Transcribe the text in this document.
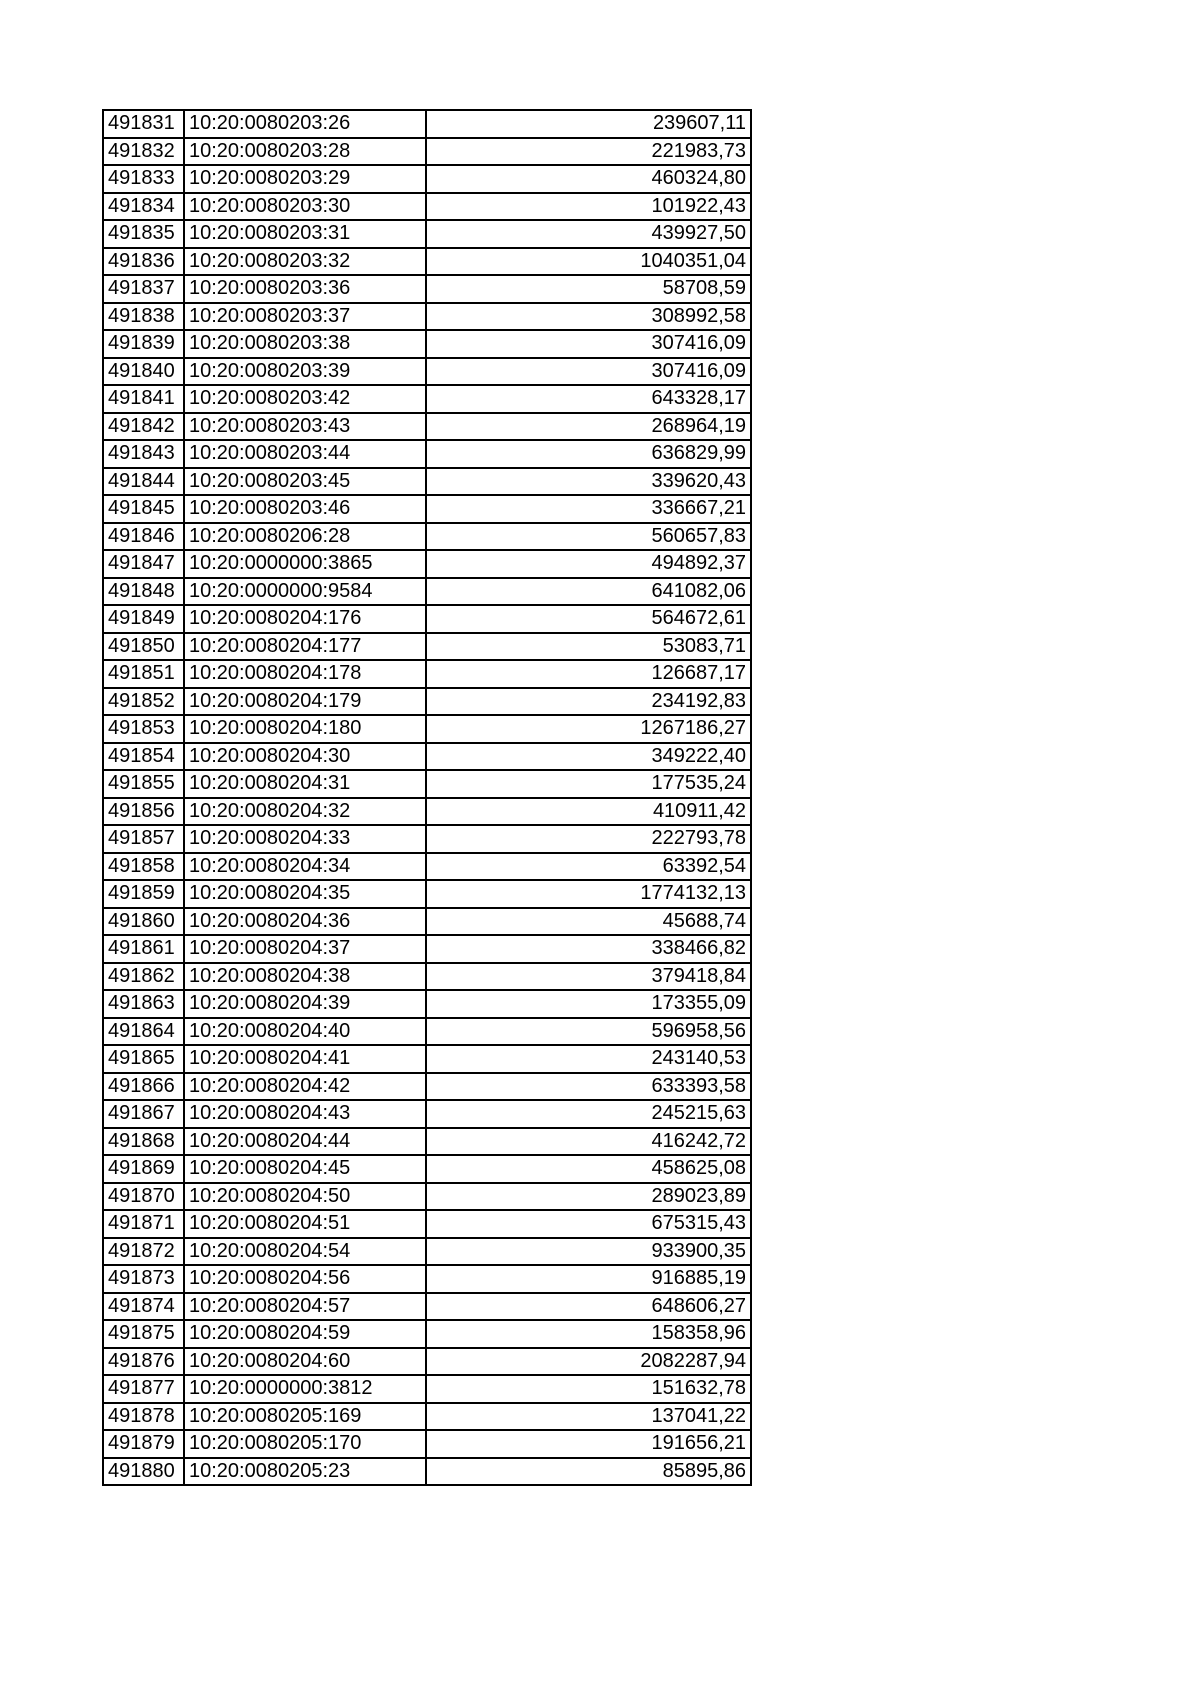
491831	10:20:0080203:26	239607,11
491832	10:20:0080203:28	221983,73
491833	10:20:0080203:29	460324,80
491834	10:20:0080203:30	101922,43
491835	10:20:0080203:31	439927,50
491836	10:20:0080203:32	1040351,04
491837	10:20:0080203:36	58708,59
491838	10:20:0080203:37	308992,58
491839	10:20:0080203:38	307416,09
491840	10:20:0080203:39	307416,09
491841	10:20:0080203:42	643328,17
491842	10:20:0080203:43	268964,19
491843	10:20:0080203:44	636829,99
491844	10:20:0080203:45	339620,43
491845	10:20:0080203:46	336667,21
491846	10:20:0080206:28	560657,83
491847	10:20:0000000:3865	494892,37
491848	10:20:0000000:9584	641082,06
491849	10:20:0080204:176	564672,61
491850	10:20:0080204:177	53083,71
491851	10:20:0080204:178	126687,17
491852	10:20:0080204:179	234192,83
491853	10:20:0080204:180	1267186,27
491854	10:20:0080204:30	349222,40
491855	10:20:0080204:31	177535,24
491856	10:20:0080204:32	410911,42
491857	10:20:0080204:33	222793,78
491858	10:20:0080204:34	63392,54
491859	10:20:0080204:35	1774132,13
491860	10:20:0080204:36	45688,74
491861	10:20:0080204:37	338466,82
491862	10:20:0080204:38	379418,84
491863	10:20:0080204:39	173355,09
491864	10:20:0080204:40	596958,56
491865	10:20:0080204:41	243140,53
491866	10:20:0080204:42	633393,58
491867	10:20:0080204:43	245215,63
491868	10:20:0080204:44	416242,72
491869	10:20:0080204:45	458625,08
491870	10:20:0080204:50	289023,89
491871	10:20:0080204:51	675315,43
491872	10:20:0080204:54	933900,35
491873	10:20:0080204:56	916885,19
491874	10:20:0080204:57	648606,27
491875	10:20:0080204:59	158358,96
491876	10:20:0080204:60	2082287,94
491877	10:20:0000000:3812	151632,78
491878	10:20:0080205:169	137041,22
491879	10:20:0080205:170	191656,21
491880	10:20:0080205:23	85895,86
